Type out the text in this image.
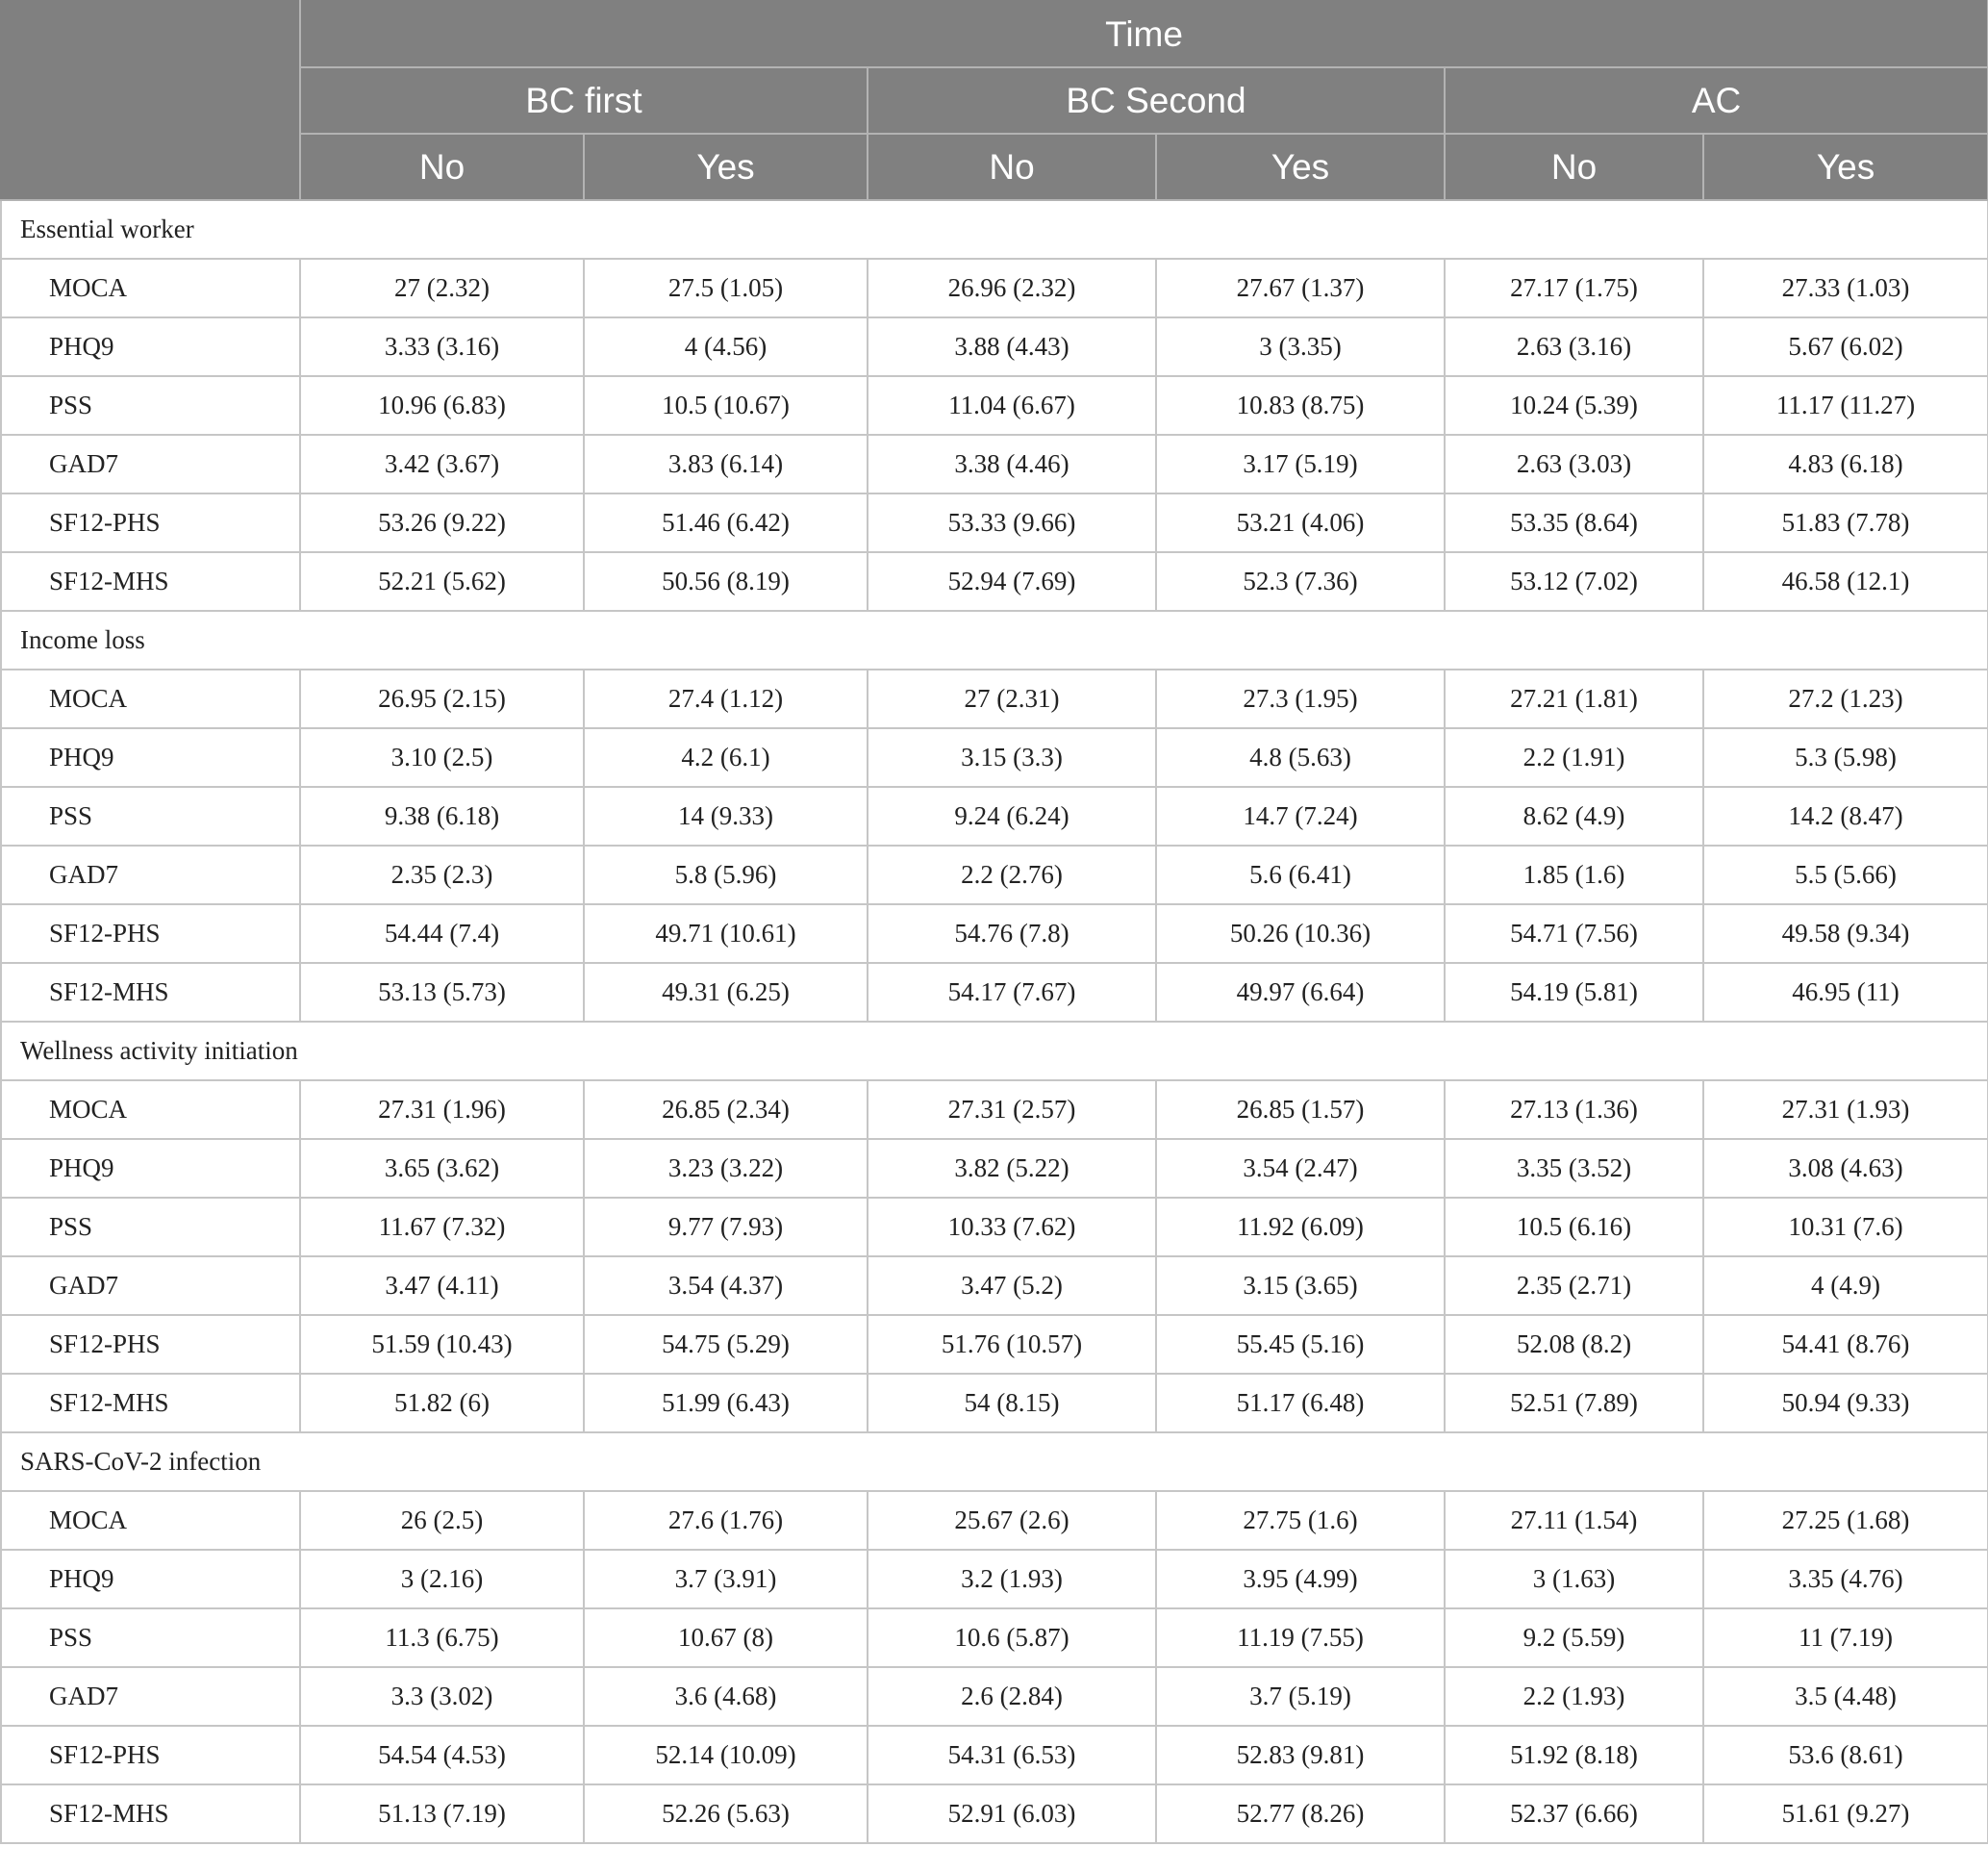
	Time					
	BC first		BC Second		AC	
	No	Yes	No	Yes	No	Yes
Essential worker						
MOCA	27 (2.32)	27.5 (1.05)	26.96 (2.32)	27.67 (1.37)	27.17 (1.75)	27.33 (1.03)
PHQ9	3.33 (3.16)	4 (4.56)	3.88 (4.43)	3 (3.35)	2.63 (3.16)	5.67 (6.02)
PSS	10.96 (6.83)	10.5 (10.67)	11.04 (6.67)	10.83 (8.75)	10.24 (5.39)	11.17 (11.27)
GAD7	3.42 (3.67)	3.83 (6.14)	3.38 (4.46)	3.17 (5.19)	2.63 (3.03)	4.83 (6.18)
SF12-PHS	53.26 (9.22)	51.46 (6.42)	53.33 (9.66)	53.21 (4.06)	53.35 (8.64)	51.83 (7.78)
SF12-MHS	52.21 (5.62)	50.56 (8.19)	52.94 (7.69)	52.3 (7.36)	53.12 (7.02)	46.58 (12.1)
Income loss						
MOCA	26.95 (2.15)	27.4 (1.12)	27 (2.31)	27.3 (1.95)	27.21 (1.81)	27.2 (1.23)
PHQ9	3.10 (2.5)	4.2 (6.1)	3.15 (3.3)	4.8 (5.63)	2.2 (1.91)	5.3 (5.98)
PSS	9.38 (6.18)	14 (9.33)	9.24 (6.24)	14.7 (7.24)	8.62 (4.9)	14.2 (8.47)
GAD7	2.35 (2.3)	5.8 (5.96)	2.2 (2.76)	5.6 (6.41)	1.85 (1.6)	5.5 (5.66)
SF12-PHS	54.44 (7.4)	49.71 (10.61)	54.76 (7.8)	50.26 (10.36)	54.71 (7.56)	49.58 (9.34)
SF12-MHS	53.13 (5.73)	49.31 (6.25)	54.17 (7.67)	49.97 (6.64)	54.19 (5.81)	46.95 (11)
Wellness activity initiation						
MOCA	27.31 (1.96)	26.85 (2.34)	27.31 (2.57)	26.85 (1.57)	27.13 (1.36)	27.31 (1.93)
PHQ9	3.65 (3.62)	3.23 (3.22)	3.82 (5.22)	3.54 (2.47)	3.35 (3.52)	3.08 (4.63)
PSS	11.67 (7.32)	9.77 (7.93)	10.33 (7.62)	11.92 (6.09)	10.5 (6.16)	10.31 (7.6)
GAD7	3.47 (4.11)	3.54 (4.37)	3.47 (5.2)	3.15 (3.65)	2.35 (2.71)	4 (4.9)
SF12-PHS	51.59 (10.43)	54.75 (5.29)	51.76 (10.57)	55.45 (5.16)	52.08 (8.2)	54.41 (8.76)
SF12-MHS	51.82 (6)	51.99 (6.43)	54 (8.15)	51.17 (6.48)	52.51 (7.89)	50.94 (9.33)
SARS-CoV-2 infection						
MOCA	26 (2.5)	27.6 (1.76)	25.67 (2.6)	27.75 (1.6)	27.11 (1.54)	27.25 (1.68)
PHQ9	3 (2.16)	3.7 (3.91)	3.2 (1.93)	3.95 (4.99)	3 (1.63)	3.35 (4.76)
PSS	11.3 (6.75)	10.67 (8)	10.6 (5.87)	11.19 (7.55)	9.2 (5.59)	11 (7.19)
GAD7	3.3 (3.02)	3.6 (4.68)	2.6 (2.84)	3.7 (5.19)	2.2 (1.93)	3.5 (4.48)
SF12-PHS	54.54 (4.53)	52.14 (10.09)	54.31 (6.53)	52.83 (9.81)	51.92 (8.18)	53.6 (8.61)
SF12-MHS	51.13 (7.19)	52.26 (5.63)	52.91 (6.03)	52.77 (8.26)	52.37 (6.66)	51.61 (9.27)
